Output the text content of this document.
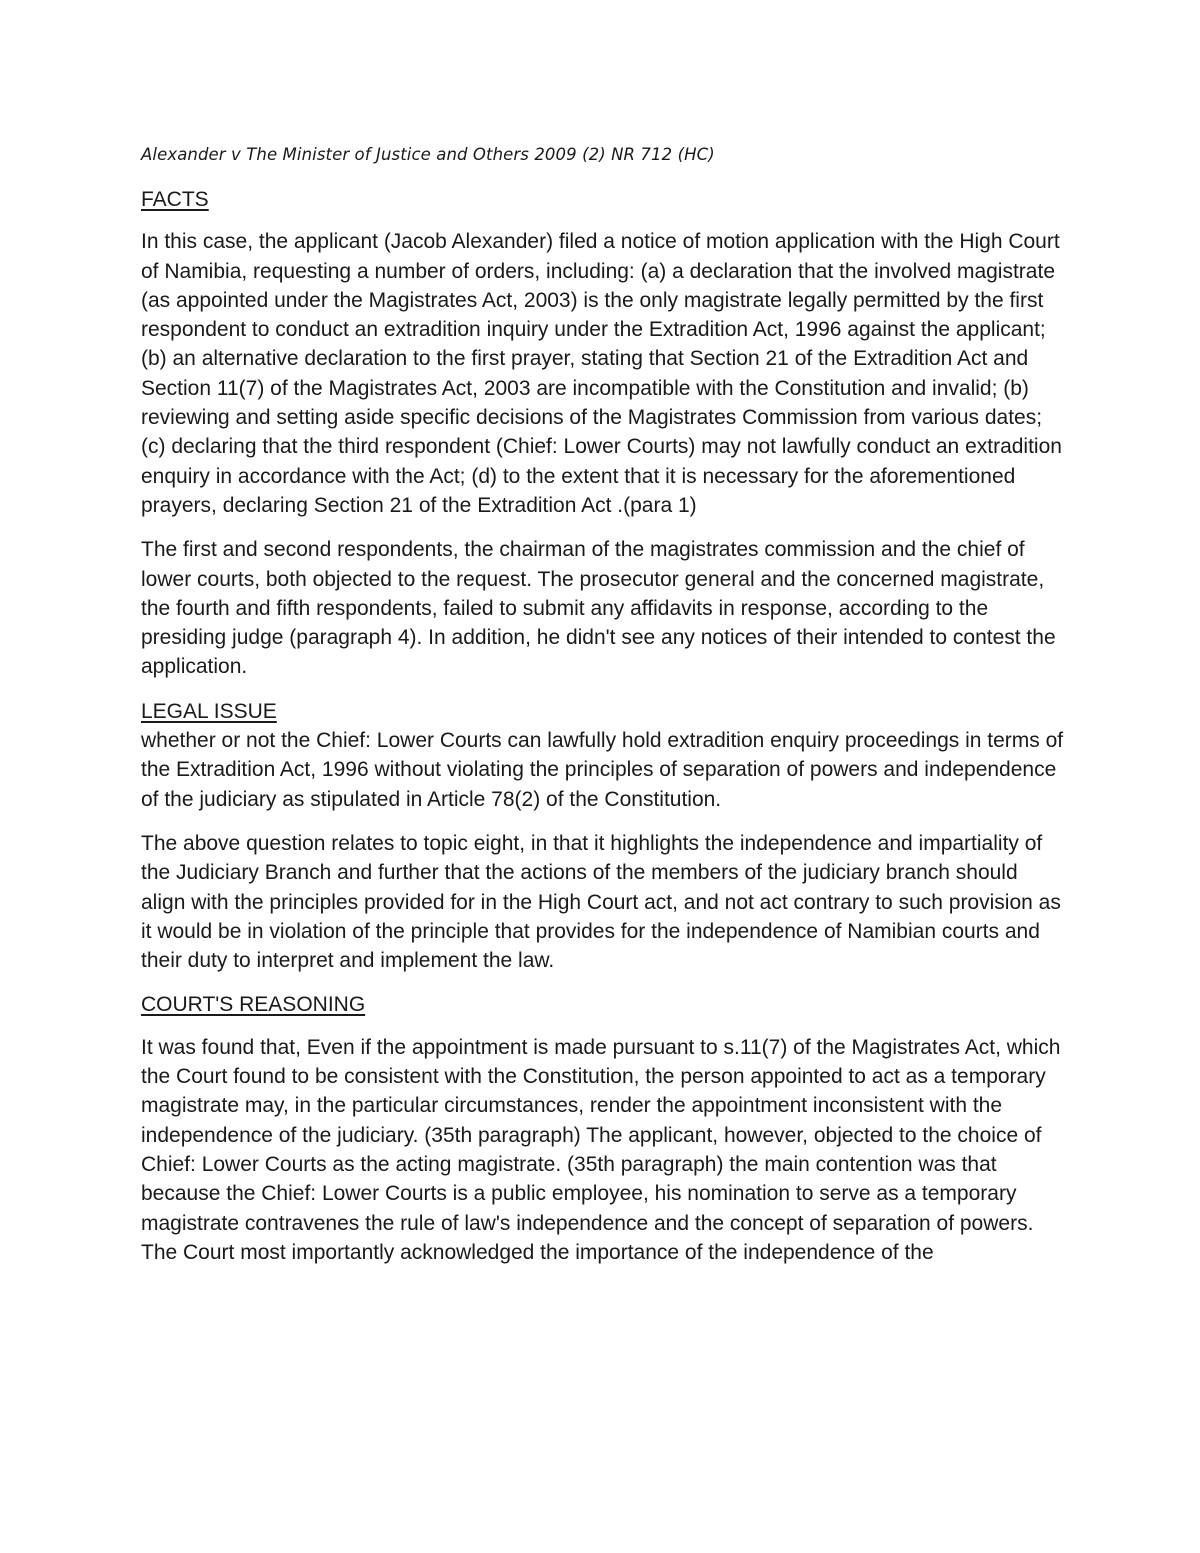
Alexander v The Minister of Justice and Others 2009 (2) NR 712 (HC)
FACTS

In this case, the applicant (Jacob Alexander) filed a notice of motion application with the High Court of Namibia, requesting a number of orders, including: (a) a declaration that the involved magistrate (as appointed under the Magistrates Act, 2003) is the only magistrate legally permitted by the first respondent to conduct an extradition inquiry under the Extradition Act, 1996 against the applicant; (b) an alternative declaration to the first prayer, stating that Section 21 of the Extradition Act and Section 11(7) of the Magistrates Act, 2003 are incompatible with the Constitution and invalid; (b) reviewing and setting aside specific decisions of the Magistrates Commission from various dates; (c) declaring that the third respondent (Chief: Lower Courts) may not lawfully conduct an extradition enquiry in accordance with the Act; (d) to the extent that it is necessary for the aforementioned prayers, declaring Section 21 of the Extradition Act .(para 1)

The first and second respondents, the chairman of the magistrates commission and the chief of lower courts, both objected to the request. The prosecutor general and the concerned magistrate, the fourth and fifth respondents, failed to submit any affidavits in response, according to the presiding judge (paragraph 4). In addition, he didn't see any notices of their intended to contest the application.

LEGAL ISSUE

whether or not the Chief: Lower Courts can lawfully hold extradition enquiry proceedings in terms of the Extradition Act, 1996 without violating the principles of separation of powers and independence of the judiciary as stipulated in Article 78(2) of the Constitution.

The above question relates to topic eight, in that it highlights the independence and impartiality of the Judiciary Branch and further that the actions of the members of the judiciary branch should align with the principles provided for in the High Court act, and not act contrary to such provision as it would be in violation of the principle that provides for the independence of Namibian courts and their duty to interpret and implement the law.

COURT'S REASONING

It was found that, Even if the appointment is made pursuant to s.11(7) of the Magistrates Act, which the Court found to be consistent with the Constitution, the person appointed to act as a temporary magistrate may, in the particular circumstances, render the appointment inconsistent with the independence of the judiciary. (35th paragraph) The applicant, however, objected to the choice of Chief: Lower Courts as the acting magistrate. (35th paragraph) the main contention was that because the Chief: Lower Courts is a public employee, his nomination to serve as a temporary magistrate contravenes the rule of law's independence and the concept of separation of powers. The Court most importantly acknowledged the importance of the independence of the
